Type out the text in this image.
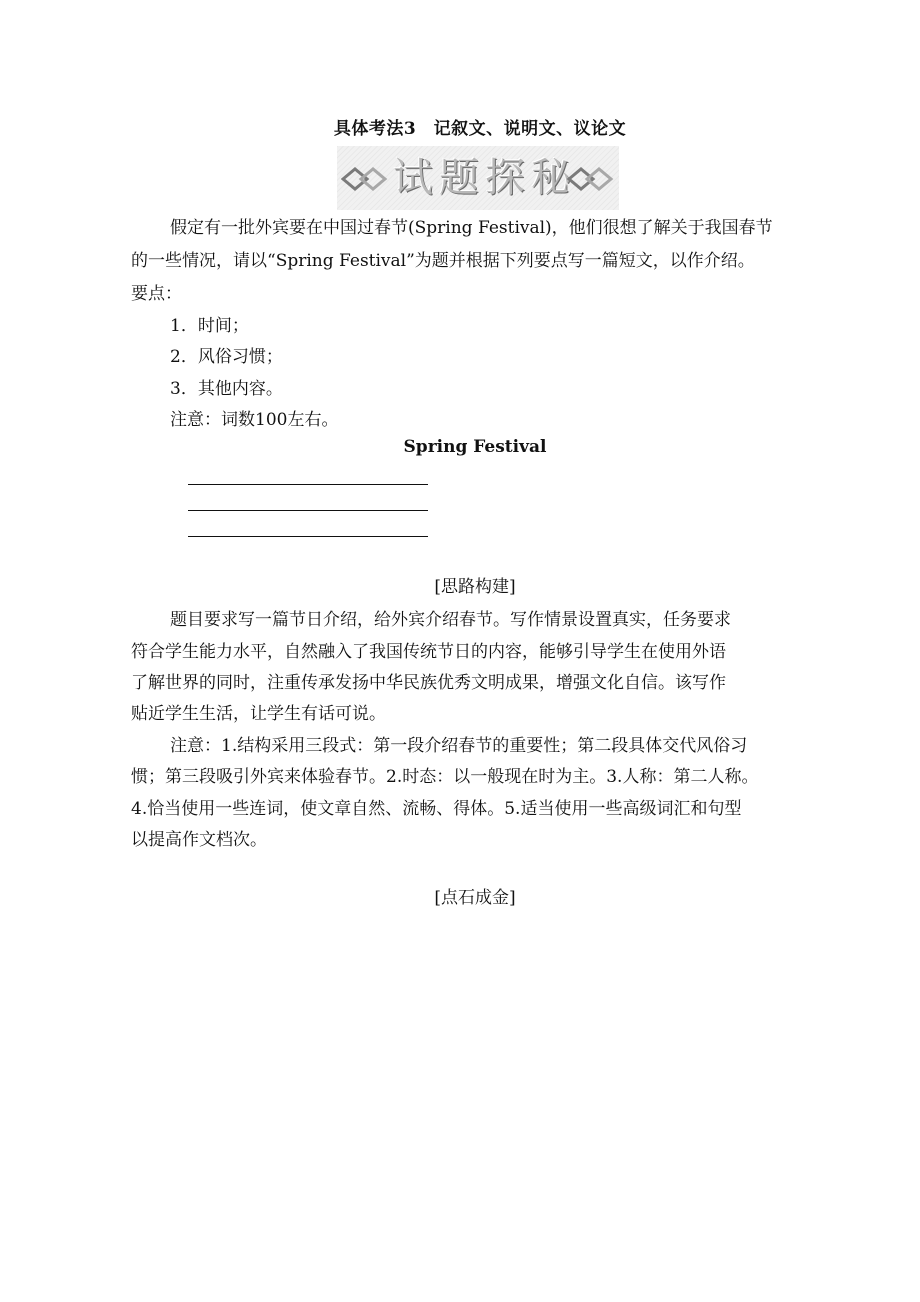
具体考法3　记叙文、说明文、议论文
试题探秘
假定有一批外宾要在中国过春节(Spring Festival)，他们很想了解关于我国春节
的一些情况，请以“Spring Festival”为题并根据下列要点写一篇短文，以作介绍。
要点：
1．时间；
2．风俗习惯；
3．其他内容。
注意：词数100左右。
Spring Festival
[思路构建]
题目要求写一篇节日介绍，给外宾介绍春节。写作情景设置真实，任务要求
符合学生能力水平，自然融入了我国传统节日的内容，能够引导学生在使用外语
了解世界的同时，注重传承发扬中华民族优秀文明成果，增强文化自信。该写作
贴近学生生活，让学生有话可说。
注意：1.结构采用三段式：第一段介绍春节的重要性；第二段具体交代风俗习
惯；第三段吸引外宾来体验春节。2.时态：以一般现在时为主。3.人称：第二人称。
4.恰当使用一些连词，使文章自然、流畅、得体。5.适当使用一些高级词汇和句型
以提高作文档次。
[点石成金]
